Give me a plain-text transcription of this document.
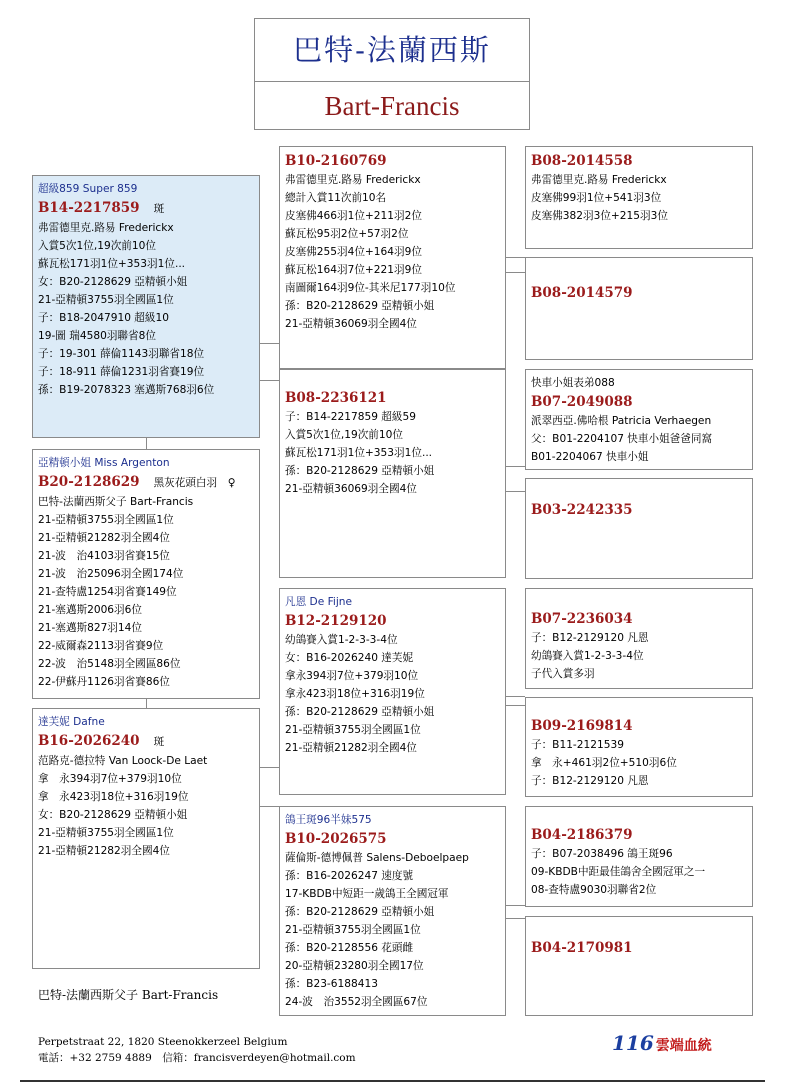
巴特-法蘭西斯
Bart-Francis
超級859 Super 859
B14-2217859 斑
弗雷德里克.路易 Frederickx
入賞5次1位,19次前10位
蘇瓦松171羽1位+353羽1位...
女：B20-2128629 亞精頓小姐
21-亞精頓3755羽全國區1位
子：B18-2047910 超級10
19-圖 瑞4580羽聯省8位
子：19-301 薛倫1143羽聯省18位
子：18-911 薛倫1231羽省賽19位
孫：B19-2078323 塞邁斯768羽6位
亞精頓小姐 Miss Argenton
B20-2128629 黑灰花頭白羽　♀
巴特-法蘭西斯父子 Bart-Francis
21-亞精頓3755羽全國區1位
21-亞精頓21282羽全國4位
21-波　治4103羽省賽15位
21-波　治25096羽全國174位
21-查特盧1254羽省賽149位
21-塞邁斯2006羽6位
21-塞邁斯827羽14位
22-威爾森2113羽省賽9位
22-波　治5148羽全國區86位
22-伊蘇丹1126羽省賽86位
達芙妮 Dafne
B16-2026240 斑
范路克-德拉特 Van Loock-De Laet
拿　永394羽7位+379羽10位
拿　永423羽18位+316羽19位
女：B20-2128629 亞精頓小姐
21-亞精頓3755羽全國區1位
21-亞精頓21282羽全國4位
B10-2160769
弗雷德里克.路易 Frederickx
總計入賞11次前10名
皮塞佛466羽1位+211羽2位
蘇瓦松95羽2位+57羽2位
皮塞佛255羽4位+164羽9位
蘇瓦松164羽7位+221羽9位
南圖爾164羽9位-其米尼177羽10位
孫：B20-2128629 亞精頓小姐
21-亞精頓36069羽全國4位
B08-2236121
子：B14-2217859 超級59
入賞5次1位,19次前10位
蘇瓦松171羽1位+353羽1位...
孫：B20-2128629 亞精頓小姐
21-亞精頓36069羽全國4位
凡恩 De Fijne
B12-2129120
幼鴿賽入賞1-2-3-3-4位
女：B16-2026240 達芙妮
拿永394羽7位+379羽10位
拿永423羽18位+316羽19位
孫：B20-2128629 亞精頓小姐
21-亞精頓3755羽全國區1位
21-亞精頓21282羽全國4位
鴿王斑96半妹575
B10-2026575
薩倫斯-德博佩普 Salens-Deboelpaep
孫：B16-2026247 速度號
17-KBDB中短距一歲鴿王全國冠軍
孫：B20-2128629 亞精頓小姐
21-亞精頓3755羽全國區1位
孫：B20-2128556 花頭雌
20-亞精頓23280羽全國17位
孫：B23-6188413
24-波　治3552羽全國區67位
B08-2014558
弗雷德里克.路易 Frederickx
皮塞佛99羽1位+541羽3位
皮塞佛382羽3位+215羽3位
B08-2014579
快車小姐表弟088
B07-2049088
派翠西亞.佛哈根 Patricia Verhaegen
父：B01-2204107 快車小姐爸爸同窩
B01-2204067 快車小姐
B03-2242335
B07-2236034
子：B12-2129120 凡恩
幼鴿賽入賞1-2-3-3-4位
子代入賞多羽
B09-2169814
子：B11-2121539
拿　永+461羽2位+510羽6位
子：B12-2129120 凡恩
B04-2186379
子：B07-2038496 鴿王斑96
09-KBDB中距最佳鴿舍全國冠軍之一
08-查特盧9030羽聯省2位
B04-2170981
巴特-法蘭西斯父子 Bart-Francis
Perpetstraat 22, 1820 Steenokkerzeel Belgium
電話：+32 2759 4889　信箱：francisverdeyen@hotmail.com
116 雲端血統
